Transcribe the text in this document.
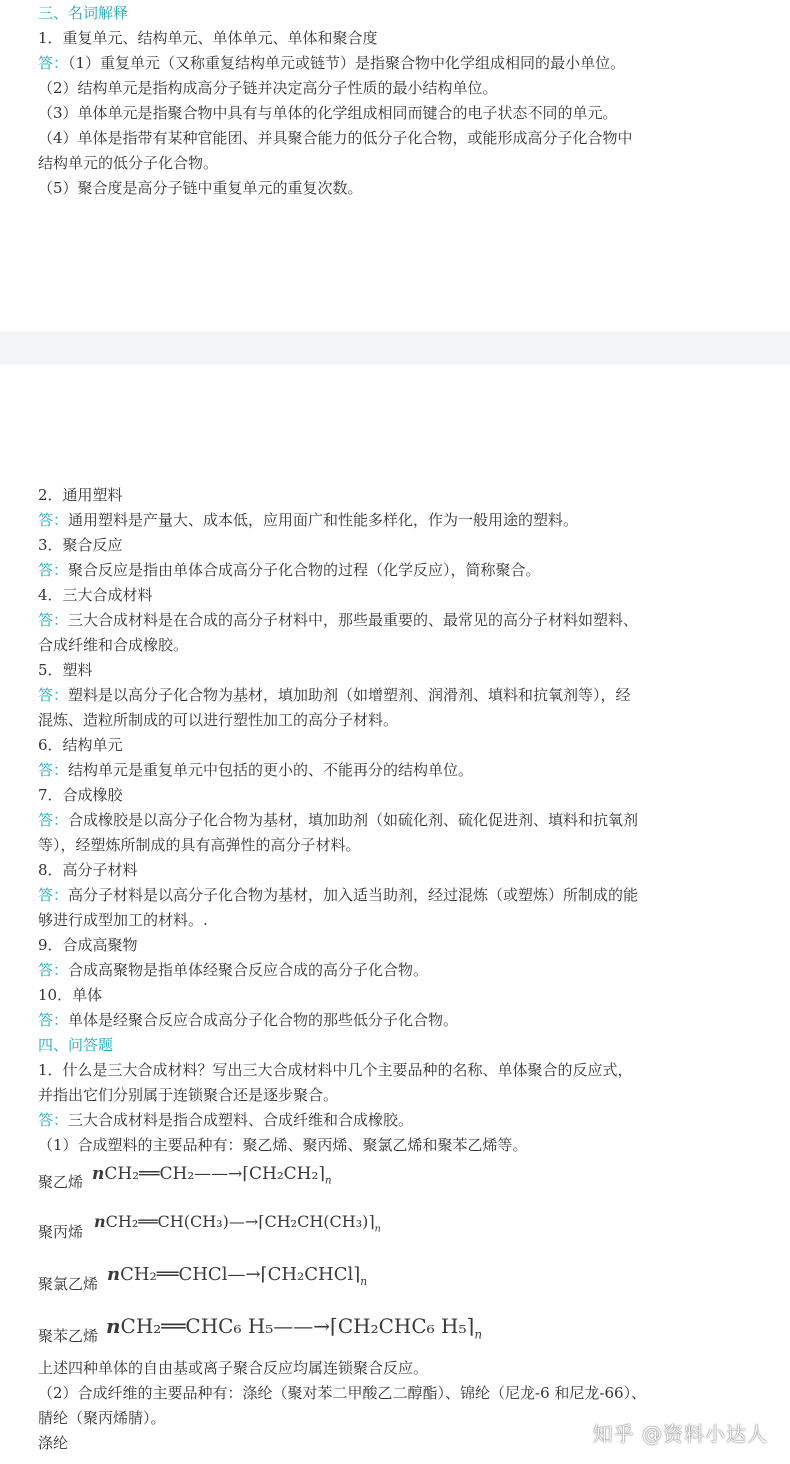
三、名词解释
1．重复单元、结构单元、单体单元、单体和聚合度
答：（1）重复单元（又称重复结构单元或链节）是指聚合物中化学组成相同的最小单位。
（2）结构单元是指构成高分子链并决定高分子性质的最小结构单位。
（3）单体单元是指聚合物中具有与单体的化学组成相同而键合的电子状态不同的单元。
（4）单体是指带有某种官能团、并具聚合能力的低分子化合物，或能形成高分子化合物中
结构单元的低分子化合物。
（5）聚合度是高分子链中重复单元的重复次数。
2．通用塑料
答：通用塑料是产量大、成本低，应用面广和性能多样化，作为一般用途的塑料。
3．聚合反应
答：聚合反应是指由单体合成高分子化合物的过程（化学反应），简称聚合。
4．三大合成材料
答：三大合成材料是在合成的高分子材料中，那些最重要的、最常见的高分子材料如塑料、
合成纤维和合成橡胶。
5．塑料
答：塑料是以高分子化合物为基材，填加助剂（如增塑剂、润滑剂、填料和抗氧剂等），经
混炼、造粒所制成的可以进行塑性加工的高分子材料。
6．结构单元
答：结构单元是重复单元中包括的更小的、不能再分的结构单位。
7．合成橡胶
答：合成橡胶是以高分子化合物为基材，填加助剂（如硫化剂、硫化促进剂、填料和抗氧剂
等），经塑炼所制成的具有高弹性的高分子材料。
8．高分子材料
答：高分子材料是以高分子化合物为基材，加入适当助剂，经过混炼（或塑炼）所制成的能
够进行成型加工的材料。.
9．合成高聚物
答：合成高聚物是指单体经聚合反应合成的高分子化合物。
10．单体
答：单体是经聚合反应合成高分子化合物的那些低分子化合物。
四、问答题
1．什么是三大合成材料？写出三大合成材料中几个主要品种的名称、单体聚合的反应式，
并指出它们分别属于连锁聚合还是逐步聚合。
答：三大合成材料是指合成塑料、合成纤维和合成橡胶。
（1）合成塑料的主要品种有：聚乙烯、聚丙烯、聚氯乙烯和聚苯乙烯等。
聚乙烯 $nCH_2══CH_2——\to⌈CH_2CH_2⌉_n$
聚丙烯
$nCH_2══CH(CH_3)—\to⌈CH_2CH(CH_3)⌉_n$
聚氯乙烯 $nCH_2══CHCl—\to⌈CH_2CHCl⌉_n$
聚苯乙烯 nCH₂══CHC₆ H₅——→⌈CH₂CHC₆ $H_5⌉_n$
上述四种单体的自由基或离子聚合反应均属连锁聚合反应。
（2）合成纤维的主要品种有：涤纶（聚对苯二甲酸乙二醇酯）、锦纶（尼龙-6 和尼龙-66）、
腈纶（聚丙烯腈）。
涤纶	知乎 @资料小达人
